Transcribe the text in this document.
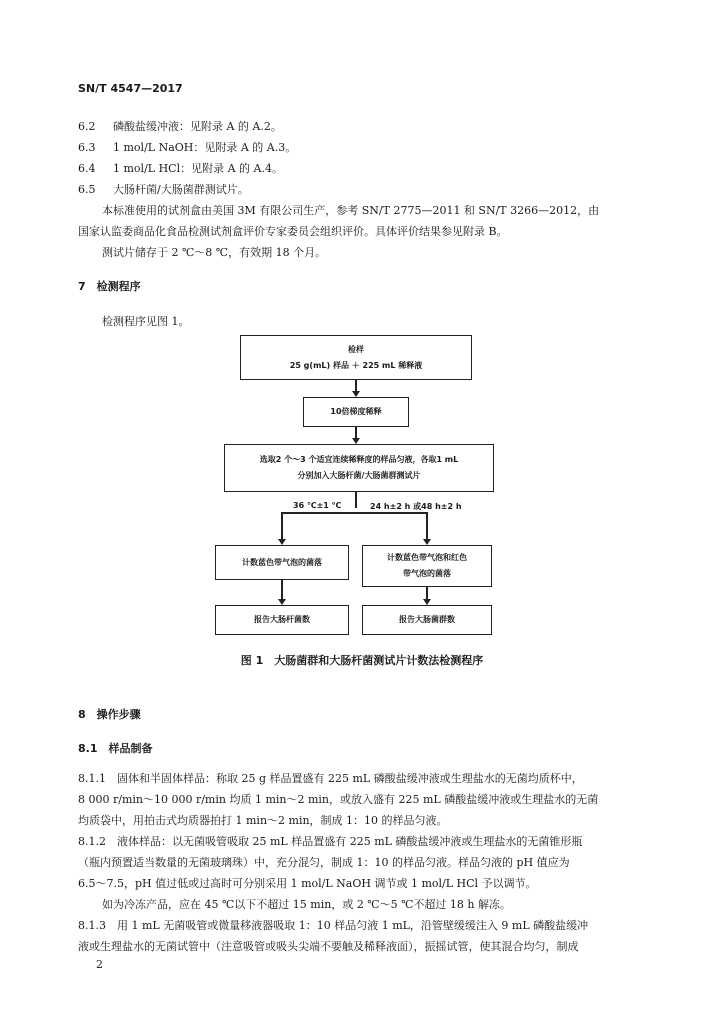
SN/T 4547—2017
6.2 磷酸盐缓冲液：见附录 A 的 A.2。
6.3 1 mol/L NaOH：见附录 A 的 A.3。
6.4 1 mol/L HCl：见附录 A 的 A.4。
6.5 大肠杆菌/大肠菌群测试片。
本标准使用的试剂盒由美国 3M 有限公司生产，参考 SN/T 2775—2011 和 SN/T 3266—2012，由
国家认监委商品化食品检测试剂盒评价专家委员会组织评价。具体评价结果参见附录 B。
测试片储存于 2 ℃～8 ℃，有效期 18 个月。
7　检测程序
检测程序见图 1。
检样
25 g(mL) 样品 ＋ 225 mL 稀释液
10倍梯度稀释
选取2 个～3 个适宜连续稀释度的样品匀液，各取1 mL
分别加入大肠杆菌/大肠菌群测试片
36 ℃±1 ℃	24 h±2 h 或48 h±2 h
计数蓝色带气泡的菌落	计数蓝色带气泡和红色
带气泡的菌落
报告大肠杆菌数	报告大肠菌群数
图 1　大肠菌群和大肠杆菌测试片计数法检测程序
8　操作步骤
8.1　样品制备
8.1.1　固体和半固体样品：称取 25 g 样品置盛有 225 mL 磷酸盐缓冲液或生理盐水的无菌均质杯中，
8 000 r/min～10 000 r/min 均质 1 min～2 min，或放入盛有 225 mL 磷酸盐缓冲液或生理盐水的无菌
均质袋中，用拍击式均质器拍打 1 min～2 min，制成 1：10 的样品匀液。
8.1.2　液体样品：以无菌吸管吸取 25 mL 样品置盛有 225 mL 磷酸盐缓冲液或生理盐水的无菌锥形瓶
（瓶内预置适当数量的无菌玻璃珠）中，充分混匀，制成 1：10 的样品匀液。样品匀液的 pH 值应为
6.5～7.5，pH 值过低或过高时可分别采用 1 mol/L NaOH 调节或 1 mol/L HCl 予以调节。
如为冷冻产品，应在 45 ℃以下不超过 15 min，或 2 ℃～5 ℃不超过 18 h 解冻。
8.1.3　用 1 mL 无菌吸管或微量移液器吸取 1：10 样品匀液 1 mL，沿管壁缓缓注入 9 mL 磷酸盐缓冲
液或生理盐水的无菌试管中（注意吸管或吸头尖端不要触及稀释液面），振摇试管，使其混合均匀，制成
2
